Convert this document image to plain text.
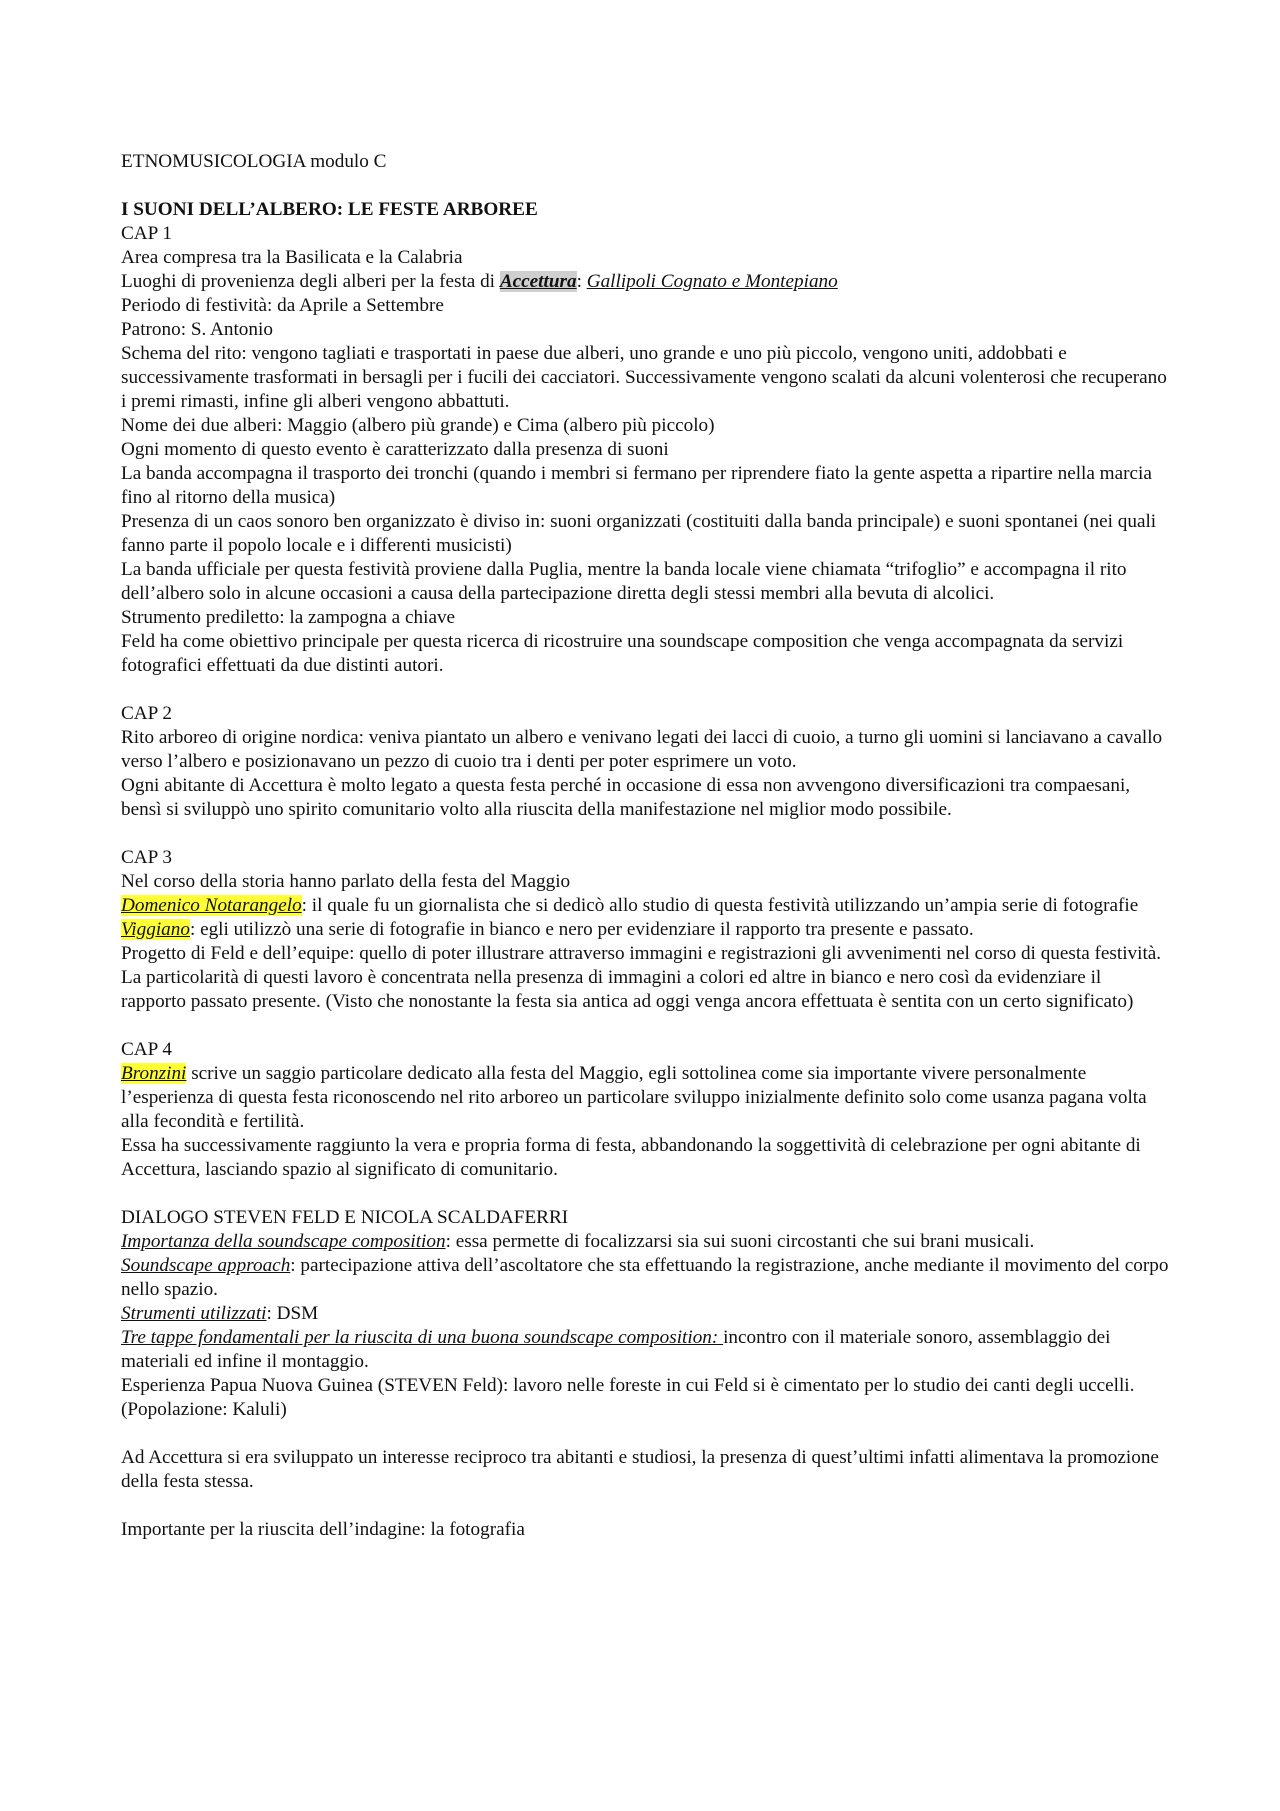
ETNOMUSICOLOGIA modulo C

I SUONI DELL’ALBERO: LE FESTE ARBOREE

CAP 1

Area compresa tra la Basilicata e la Calabria

Luoghi di provenienza degli alberi per la festa di Accettura: Gallipoli Cognato e Montepiano

Periodo di festività: da Aprile a Settembre

Patrono: S. Antonio

Schema del rito: vengono tagliati e trasportati in paese due alberi, uno grande e uno più piccolo, vengono uniti, addobbati e successivamente trasformati in bersagli per i fucili dei cacciatori. Successivamente vengono scalati da alcuni volenterosi che recuperano i premi rimasti, infine gli alberi vengono abbattuti.

Nome dei due alberi: Maggio (albero più grande) e Cima (albero più piccolo)

Ogni momento di questo evento è caratterizzato dalla presenza di suoni

La banda accompagna il trasporto dei tronchi (quando i membri si fermano per riprendere fiato la gente aspetta a ripartire nella marcia fino al ritorno della musica)

Presenza di un caos sonoro ben organizzato è diviso in: suoni organizzati (costituiti dalla banda principale) e suoni spontanei (nei quali fanno parte il popolo locale e i differenti musicisti)

La banda ufficiale per questa festività proviene dalla Puglia, mentre la banda locale viene chiamata “trifoglio” e accompagna il rito dell’albero solo in alcune occasioni a causa della partecipazione diretta degli stessi membri alla bevuta di alcolici.

Strumento prediletto: la zampogna a chiave

Feld ha come obiettivo principale per questa ricerca di ricostruire una soundscape composition che venga accompagnata da servizi fotografici effettuati da due distinti autori.

CAP 2

Rito arboreo di origine nordica: veniva piantato un albero e venivano legati dei lacci di cuoio, a turno gli uomini si lanciavano a cavallo verso l’albero e posizionavano un pezzo di cuoio tra i denti per poter esprimere un voto.

Ogni abitante di Accettura è molto legato a questa festa perché in occasione di essa non avvengono diversificazioni tra compaesani, bensì si sviluppò uno spirito comunitario volto alla riuscita della manifestazione nel miglior modo possibile.

CAP 3

Nel corso della storia hanno parlato della festa del Maggio

Domenico Notarangelo: il quale fu un giornalista che si dedicò allo studio di questa festività utilizzando un’ampia serie di fotografie

Viggiano: egli utilizzò una serie di fotografie in bianco e nero per evidenziare il rapporto tra presente e passato.

Progetto di Feld e dell’equipe: quello di poter illustrare attraverso immagini e registrazioni gli avvenimenti nel corso di questa festività. La particolarità di questi lavoro è concentrata nella presenza di immagini a colori ed altre in bianco e nero così da evidenziare il rapporto passato presente. (Visto che nonostante la festa sia antica ad oggi venga ancora effettuata è sentita con un certo significato)

CAP 4

Bronzini scrive un saggio particolare dedicato alla festa del Maggio, egli sottolinea come sia importante vivere personalmente l’esperienza di questa festa riconoscendo nel rito arboreo un particolare sviluppo inizialmente definito solo come usanza pagana volta alla fecondità e fertilità.

Essa ha successivamente raggiunto la vera e propria forma di festa, abbandonando la soggettività di celebrazione per ogni abitante di Accettura, lasciando spazio al significato di comunitario.

DIALOGO STEVEN FELD E NICOLA SCALDAFERRI

Importanza della soundscape composition: essa permette di focalizzarsi sia sui suoni circostanti che sui brani musicali.

Soundscape approach: partecipazione attiva dell’ascoltatore che sta effettuando la registrazione, anche mediante il movimento del corpo nello spazio.

Strumenti utilizzati: DSM

Tre tappe fondamentali per la riuscita di una buona soundscape composition: incontro con il materiale sonoro, assemblaggio dei materiali ed infine il montaggio.

Esperienza Papua Nuova Guinea (STEVEN Feld): lavoro nelle foreste in cui Feld si è cimentato per lo studio dei canti degli uccelli. (Popolazione: Kaluli)

Ad Accettura si era sviluppato un interesse reciproco tra abitanti e studiosi, la presenza di quest’ultimi infatti alimentava la promozione della festa stessa.

Importante per la riuscita dell’indagine: la fotografia
